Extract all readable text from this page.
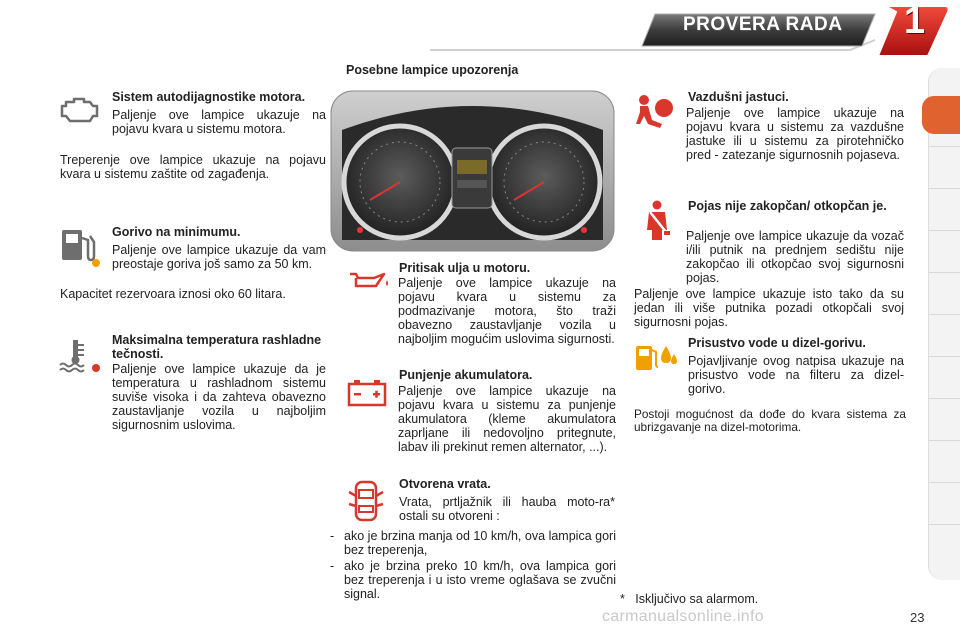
PROVERA RADA 1
Posebne lampice upozorenja
Sistem autodijagnostike motora.
Paljenje ove lampice ukazuje na pojavu kvara u sistemu motora.
Treperenje ove lampice ukazuje na pojavu kvara u sistemu zaštite od zagađenja.
Gorivo na minimumu.
Paljenje ove lampice ukazuje da vam preostaje goriva još samo za 50 km.
Kapacitet rezervoara iznosi oko 60 litara.
Maksimalna temperatura rashladne tečnosti.
Paljenje ove lampice ukazuje da je temperatura u rashladnom sistemu suviše visoka i da zahteva obavezno zaustavljanje vozila u najboljim sigurnosnim uslovima.
Pritisak ulja u motoru.
Paljenje ove lampice ukazuje na pojavu kvara u sistemu za podmazivanje motora, što traži obavezno zaustavljanje vozila u najboljim mogućim uslovima sigurnosti.
Punjenje akumulatora.
Paljenje ove lampice ukazuje na pojavu kvara u sistemu za punjenje akumulatora (kleme akumulatora zaprljane ili nedovoljno pritegnute, labav ili prekinut remen alternator, ...).
Otvorena vrata.
Vrata, prtljažnik ili hauba moto-ra* ostali su otvoreni :
- ako je brzina manja od 10 km/h, ova lampica gori bez treperenja,
- ako je brzina preko 10 km/h, ova lampica gori bez treperenja i u isto vreme oglašava se zvučni signal.
Vazdušni jastuci.
Paljenje ove lampice ukazuje na pojavu kvara u sistemu za vazdušne jastuke ili u sistemu za pirotehničko pred - zatezanje sigurnosnih pojaseva.
Pojas nije zakopčan/ otkopčan je.
Paljenje ove lampice ukazuje da vozač i/ili putnik na prednjem sedištu nije zakopčao ili otkopčao svoj sigurnosni pojas.
Paljenje ove lampice ukazuje isto tako da su jedan ili više putnika pozadi otkopčali svoj sigurnosni pojas.
Prisustvo vode u dizel-gorivu.
Pojavljivanje ovog natpisa ukazuje na prisustvo vode na filteru za dizel-gorivo.
Postoji mogućnost da dođe do kvara sistema za ubrizgavanje na dizel-motorima.
*   Isključivo sa alarmom.
carmanualsonline.info	23
